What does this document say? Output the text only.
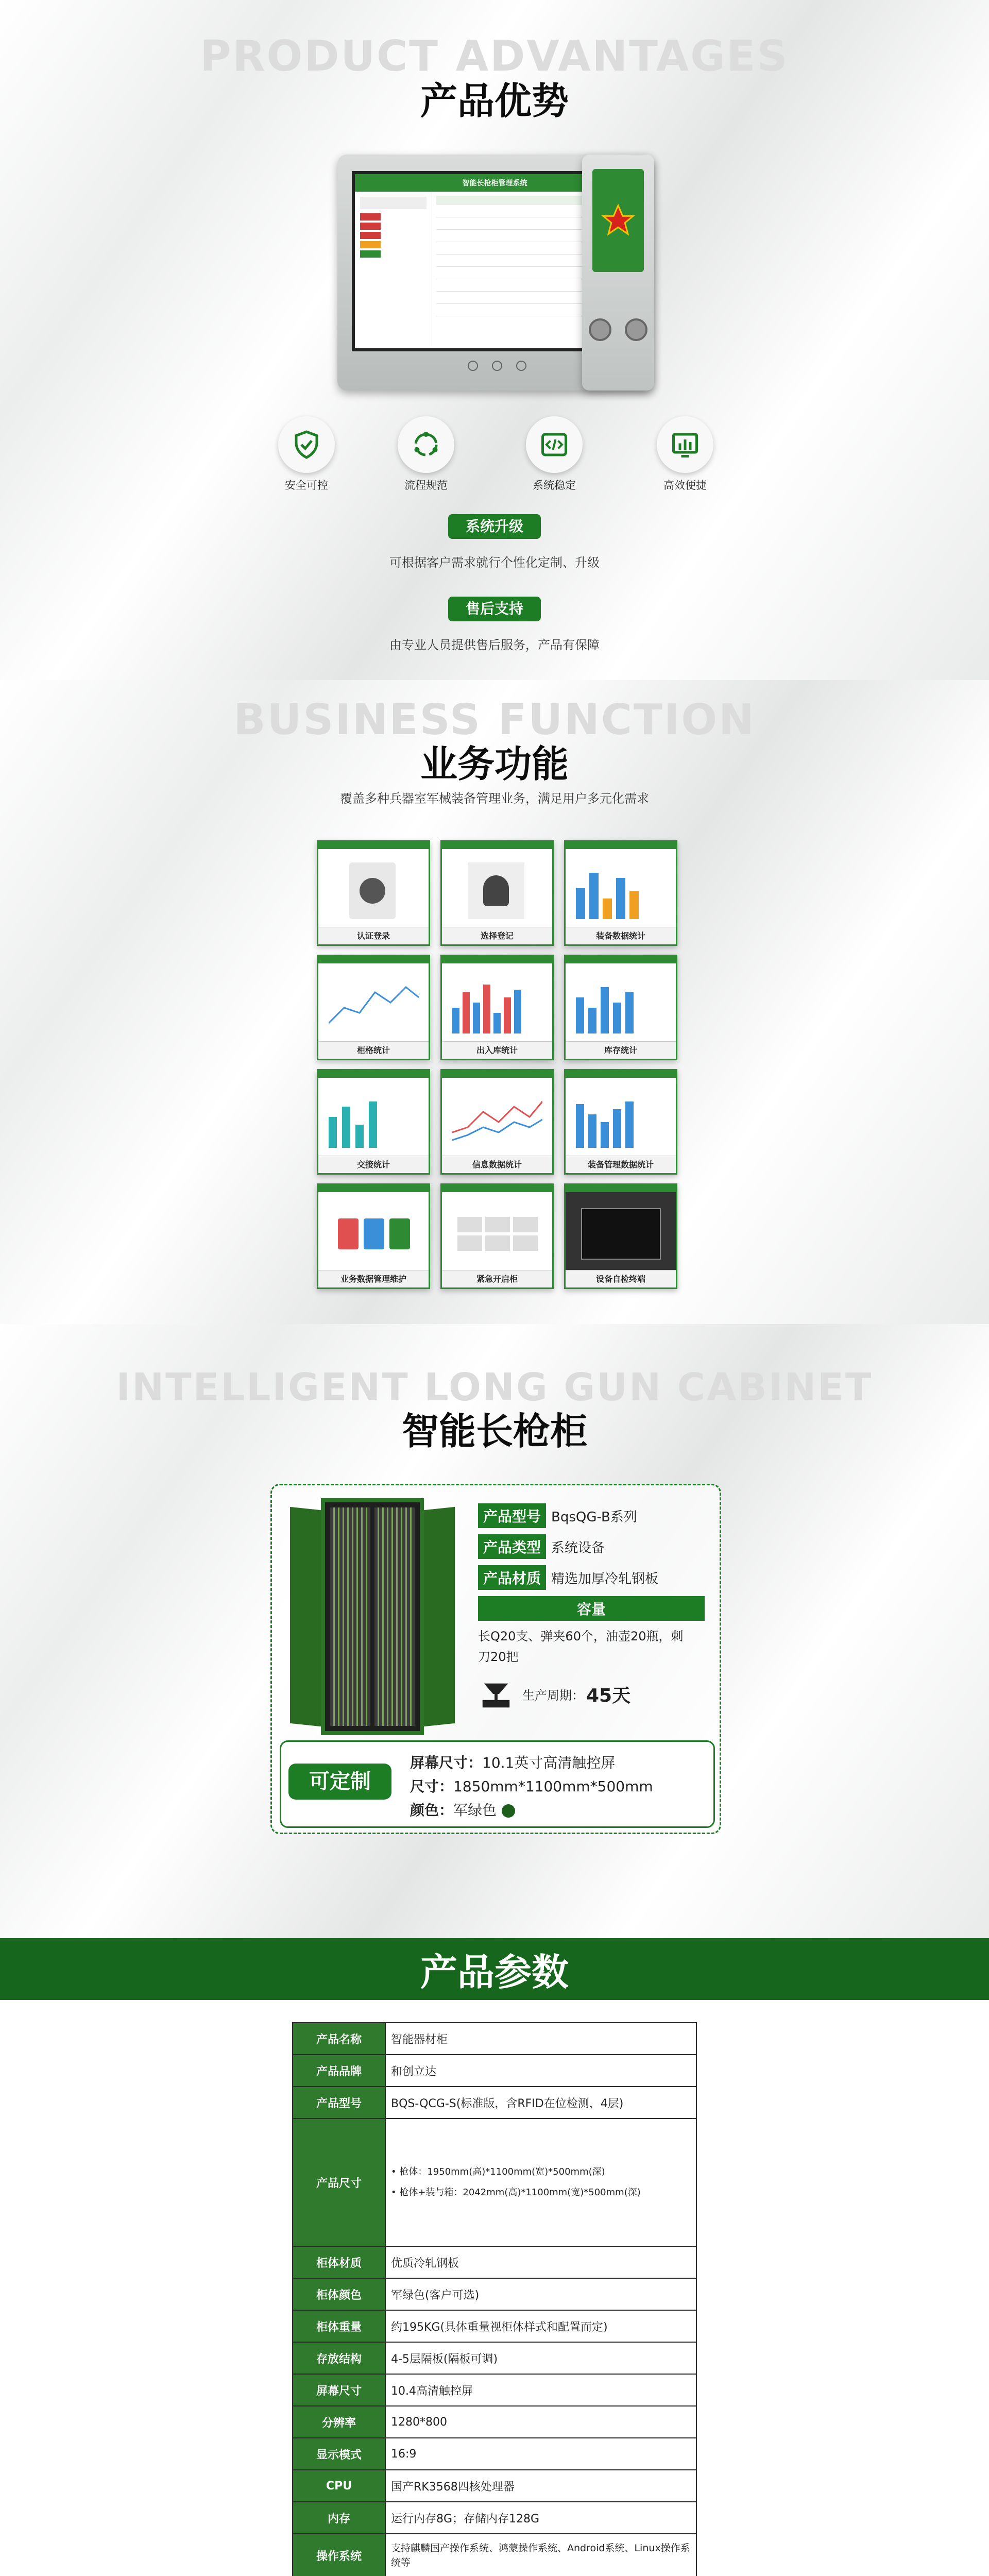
PRODUCT ADVANTAGES
产品优势
智能长枪柜管理系统
安全可控	流程规范	系统稳定	高效便捷
系统升级
可根据客户需求就行个性化定制、升级
售后支持
由专业人员提供售后服务，产品有保障
BUSINESS FUNCTION
业务功能
覆盖多种兵器室军械装备管理业务，满足用户多元化需求
认证登录	选择登记	装备数据统计
柜格统计	出入库统计	库存统计
交接统计	信息数据统计	装备管理数据统计
业务数据管理维护	紧急开启柜	设备自检终端
INTELLIGENT LONG GUN CABINET
智能长枪柜
产品型号 BqsQG-B系列
产品类型 系统设备
产品材质 精选加厚冷轧钢板
容量
长Q20支、弹夹60个，油壶20瓶，刺刀20把
生产周期： 45天
可定制
屏幕尺寸：10.1英寸高清触控屏
尺寸：1850mm*1100mm*500mm
颜色：军绿色
产品参数
产品名称	智能器材柜
产品品牌	和创立达
产品型号	BQS-QCG-S(标准版，含RFID在位检测，4层)
产品尺寸	• 枪体：1950mm(高)*1100mm(宽)*500mm(深)
• 枪体+装与箱：2042mm(高)*1100mm(宽)*500mm(深)

柜体材质	优质冷轧钢板
柜体颜色	军绿色(客户可选)
柜体重量	约195KG(具体重量视柜体样式和配置而定)
存放结构	4-5层隔板(隔板可调)
屏幕尺寸	10.4高清触控屏
分辨率	1280*800
显示模式	16:9
CPU	国产RK3568四核处理器
内存	运行内存8G；存储内存128G
操作系统	支持麒麟国产操作系统、鸿蒙操作系统、Android系统、Linux操作系统等
